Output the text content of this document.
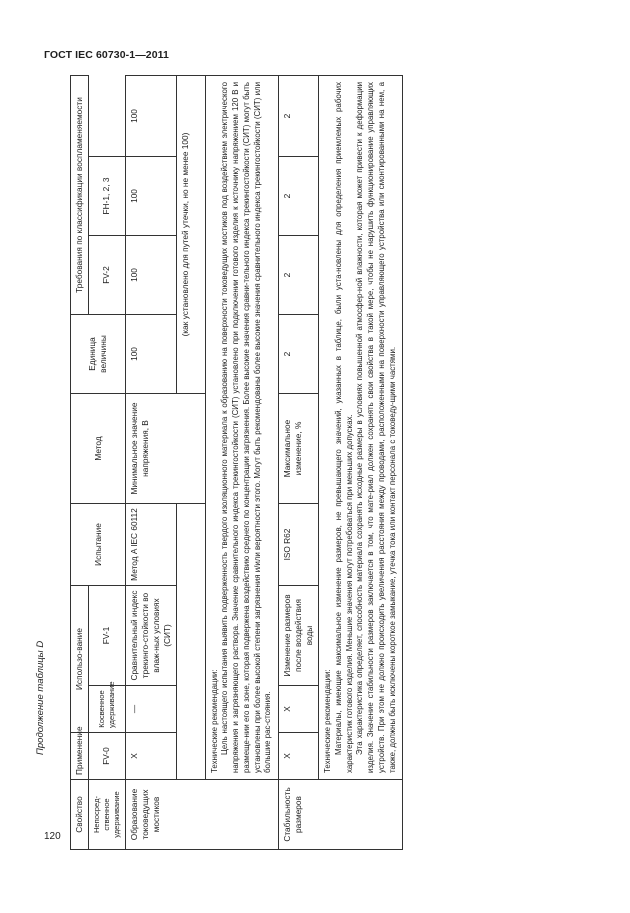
ГОСТ IEC 60730-1—2011
Продолжение таблицы D
120
Свойство	Применение	Использо-вание		Испытание	Метод	Единица величины	Требования по классификации воспламеняемости		
		Косвенное удерживание							
Непосред-ственное удерживание	FV-0		FV-1				FV-2	FH-1, 2, 3	
Образование токоведущих мостиков	X	—	Сравнительный индекс трекинго-стойкости во влаж-ных условиях (СИТ)	Метод A IEC 60112	Минимальное значение напряжения, В	100	100	100	100
						(как установлено для путей утечки, но не менее 100)			

	Технические рекомендации: Цель настоящего испытания выявить подверженность твердого изоляционного материала к образованию на поверхности токоведущих мостиков под воздействием электрического напряжения и загрязняющего раствора. Значение сравнительного индекса трекингостойкости (СИТ) установлено при подключении готового изделия к источнику напряжением 120 В и размеще-нии его в зоне, которая подвержена воздействию среднего по концентрации загрязнения. Более высокие значения сравни-тельного индекса трекингостойкости (СИТ) могут быть установлены при более высокой степени загрязнения и/или вероятности этого. Могут быть рекомендованы более высокие значения сравнительного индекса трекингостойкости (СИТ) или большие рас-стояния.								

Стабильность размеров	X	X	Изменение размеров после воздействия воды	ISO R62	Максимальное изменение, %	2	2	2	2

	Технические рекомендации: Материалы, имеющие максимальное изменение размеров, не превышающего значений, указанных в таблице, были уста-новлены для определения приемлемых рабочих характеристик готового изделия. Меньшие значения могут потребоваться при меньших допусках. Эта характеристика определяет, способность материала сохранять исходные размеры в условиях повышенной атмосфер-ной влажности, которая может привести к деформации изделия. Значение стабильности размеров заключается в том, что мате-риал должен сохранять свои свойства в такой мере, чтобы не нарушить функционирование управляющих устройств. При этом не должно происходить увеличения расстояния между проводами, расположенными на поверхности управляющего устройства или смонтированными на нем, а также, должны быть исключены короткое замыкание, утечка тока или контакт персонала с токоведу-щими частями.								
